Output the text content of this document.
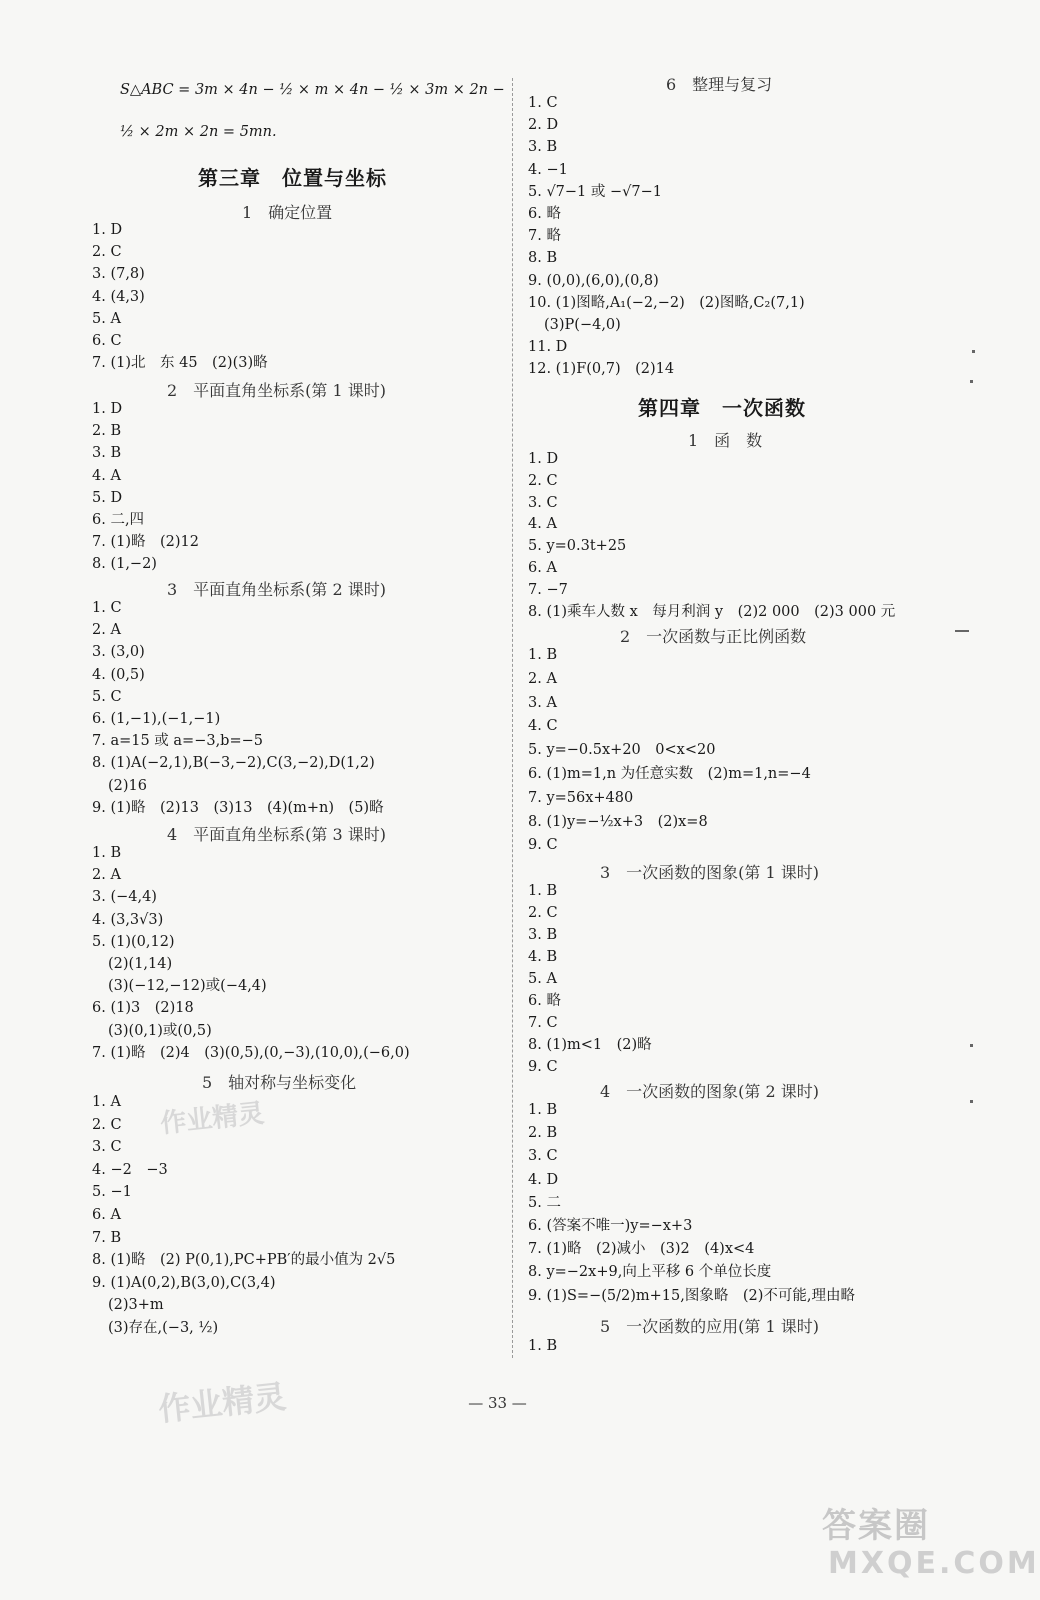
S△ABC = 3m × 4n − ½ × m × 4n − ½ × 3m × 2n −
½ × 2m × 2n = 5mn.
第三章　位置与坐标
1　确定位置
1. D
2. C
3. (7,8)
4. (4,3)
5. A
6. C
7. (1)北　东 45　(2)(3)略
2　平面直角坐标系(第 1 课时)
1. D
2. B
3. B
4. A
5. D
6. 二,四
7. (1)略　(2)12
8. (1,−2)
3　平面直角坐标系(第 2 课时)
1. C
2. A
3. (3,0)
4. (0,5)
5. C
6. (1,−1),(−1,−1)
7. a=15 或 a=−3,b=−5
8. (1)A(−2,1),B(−3,−2),C(3,−2),D(1,2)
(2)16
9. (1)略　(2)13　(3)13　(4)(m+n)　(5)略
4　平面直角坐标系(第 3 课时)
1. B
2. A
3. (−4,4)
4. (3,3√3)
5. (1)(0,12)
(2)(1,14)
(3)(−12,−12)或(−4,4)
6. (1)3　(2)18
(3)(0,1)或(0,5)
7. (1)略　(2)4　(3)(0,5),(0,−3),(10,0),(−6,0)
5　轴对称与坐标变化
1. A
2. C
3. C
4. −2　−3
5. −1
6. A
7. B
8. (1)略　(2) P(0,1),PC+PB′的最小值为 2√5
9. (1)A(0,2),B(3,0),C(3,4)
(2)3+m
(3)存在,(−3, ½)
6　整理与复习
1. C
2. D
3. B
4. −1
5. √7−1 或 −√7−1
6. 略
7. 略
8. B
9. (0,0),(6,0),(0,8)
10. (1)图略,A₁(−2,−2)　(2)图略,C₂(7,1)
(3)P(−4,0)
11. D
12. (1)F(0,7)　(2)14
第四章　一次函数
1　函　数
1. D
2. C
3. C
4. A
5. y=0.3t+25
6. A
7. −7
8. (1)乘车人数 x　每月利润 y　(2)2 000　(2)3 000 元
2　一次函数与正比例函数
1. B
2. A
3. A
4. C
5. y=−0.5x+20　0<x<20
6. (1)m=1,n 为任意实数　(2)m=1,n=−4
7. y=56x+480
8. (1)y=−½x+3　(2)x=8
9. C
3　一次函数的图象(第 1 课时)
1. B
2. C
3. B
4. B
5. A
6. 略
7. C
8. (1)m<1　(2)略
9. C
4　一次函数的图象(第 2 课时)
1. B
2. B
3. C
4. D
5. 二
6. (答案不唯一)y=−x+3
7. (1)略　(2)减小　(3)2　(4)x<4
8. y=−2x+9,向上平移 6 个单位长度
9. (1)S=−(5/2)m+15,图象略　(2)不可能,理由略
5　一次函数的应用(第 1 课时)
1. B
— 33 —
作业精灵
作业精灵
答案圈
MXQE.COM
